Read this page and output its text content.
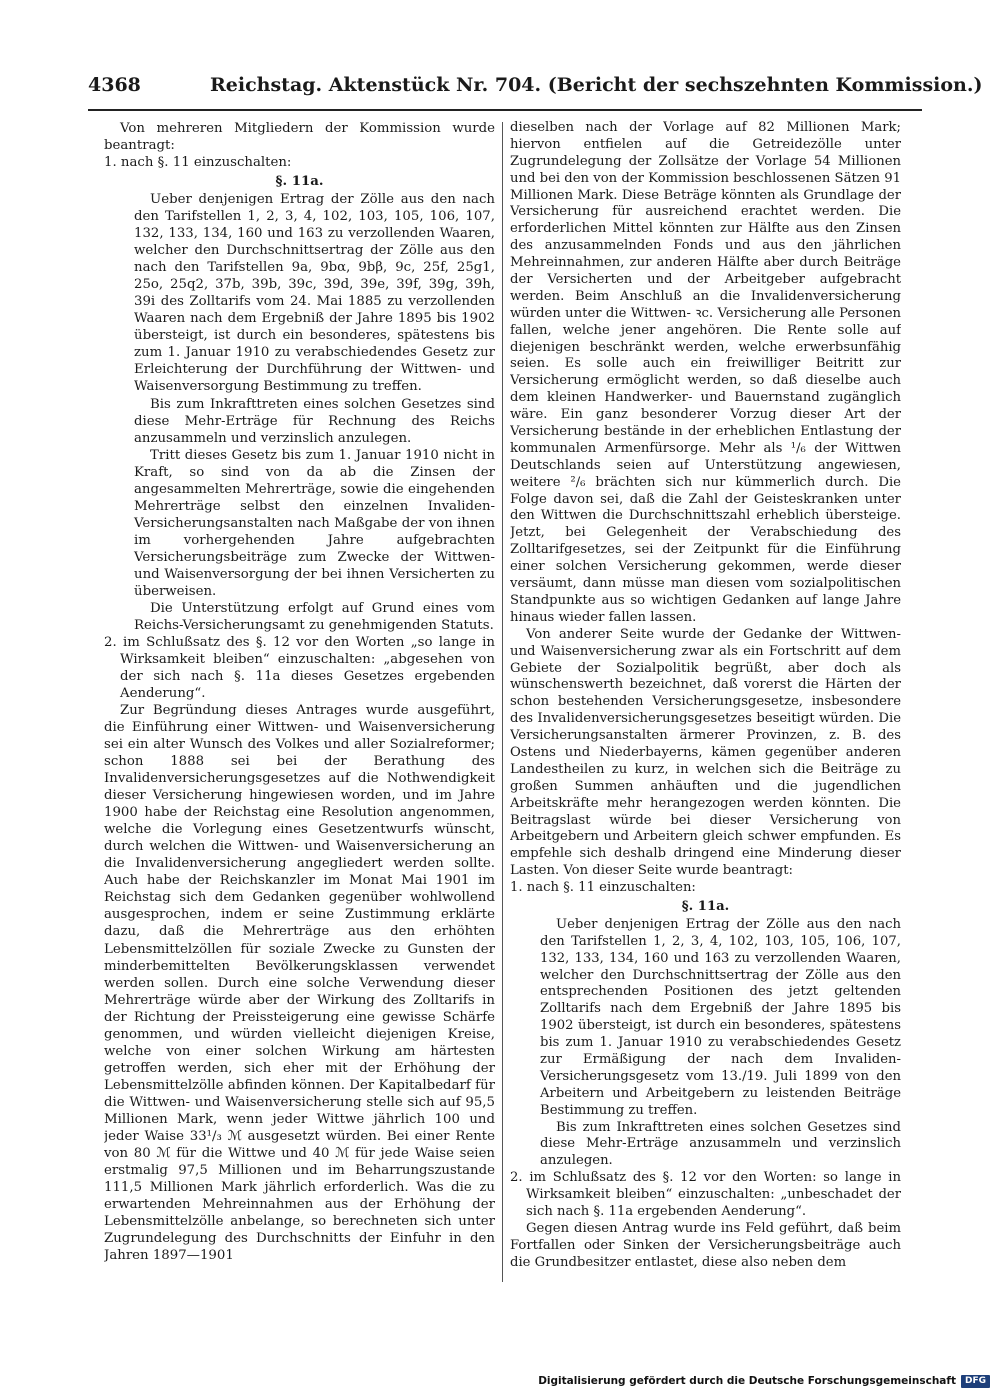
4368	Reichstag. Aktenstück Nr. 704. (Bericht der sechszehnten Kommission.)

Von mehreren Mitgliedern der Kommission wurde beantragt:

1. nach §. 11 einzuschalten:

§. 11a.

Ueber denjenigen Ertrag der Zölle aus den nach den Tarifstellen 1, 2, 3, 4, 102, 103, 105, 106, 107, 132, 133, 134, 160 und 163 zu verzollenden Waaren, welcher den Durchschnittsertrag der Zölle aus den nach den Tarifstellen 9a, 9bα, 9bβ, 9c, 25f, 25g1, 25o, 25q2, 37b, 39b, 39c, 39d, 39e, 39f, 39g, 39h, 39i des Zolltarifs vom 24. Mai 1885 zu verzollenden Waaren nach dem Ergebniß der Jahre 1895 bis 1902 übersteigt, ist durch ein besonderes, spätestens bis zum 1. Januar 1910 zu verabschiedendes Gesetz zur Erleichterung der Durchführung der Wittwen- und Waisenversorgung Bestimmung zu treffen.

Bis zum Inkrafttreten eines solchen Gesetzes sind diese Mehr-Erträge für Rechnung des Reichs anzusammeln und verzinslich anzulegen.

Tritt dieses Gesetz bis zum 1. Januar 1910 nicht in Kraft, so sind von da ab die Zinsen der angesammelten Mehrerträge, sowie die eingehenden Mehrerträge selbst den einzelnen Invaliden-Versicherungsanstalten nach Maßgabe der von ihnen im vorhergehenden Jahre aufgebrachten Versicherungsbeiträge zum Zwecke der Wittwen- und Waisenversorgung der bei ihnen Versicherten zu überweisen.

Die Unterstützung erfolgt auf Grund eines vom Reichs-Versicherungsamt zu genehmigenden Statuts.

2. im Schlußsatz des §. 12 vor den Worten „so lange in Wirksamkeit bleiben“ einzuschalten: „abgesehen von der sich nach §. 11a dieses Gesetzes ergebenden Aenderung“.

Zur Begründung dieses Antrages wurde ausgeführt, die Einführung einer Wittwen- und Waisenversicherung sei ein alter Wunsch des Volkes und aller Sozialreformer; schon 1888 sei bei der Berathung des Invalidenversicherungsgesetzes auf die Nothwendigkeit dieser Versicherung hingewiesen worden, und im Jahre 1900 habe der Reichstag eine Resolution angenommen, welche die Vorlegung eines Gesetzentwurfs wünscht, durch welchen die Wittwen- und Waisenversicherung an die Invalidenversicherung angegliedert werden sollte. Auch habe der Reichskanzler im Monat Mai 1901 im Reichstag sich dem Gedanken gegenüber wohlwollend ausgesprochen, indem er seine Zustimmung erklärte dazu, daß die Mehrerträge aus den erhöhten Lebensmittelzöllen für soziale Zwecke zu Gunsten der minderbemittelten Bevölkerungsklassen verwendet werden sollen. Durch eine solche Verwendung dieser Mehrerträge würde aber der Wirkung des Zolltarifs in der Richtung der Preissteigerung eine gewisse Schärfe genommen, und würden vielleicht diejenigen Kreise, welche von einer solchen Wirkung am härtesten getroffen werden, sich eher mit der Erhöhung der Lebensmittelzölle abfinden können. Der Kapitalbedarf für die Wittwen- und Waisenversicherung stelle sich auf 95,5 Millionen Mark, wenn jeder Wittwe jährlich 100 und jeder Waise 33¹/₃ ℳ ausgesetzt würden. Bei einer Rente von 80 ℳ für die Wittwe und 40 ℳ für jede Waise seien erstmalig 97,5 Millionen und im Beharrungszustande 111,5 Millionen Mark jährlich erforderlich. Was die zu erwartenden Mehreinnahmen aus der Erhöhung der Lebensmittelzölle anbelange, so berechneten sich unter Zugrundelegung des Durchschnitts der Einfuhr in den Jahren 1897—1901

dieselben nach der Vorlage auf 82 Millionen Mark; hiervon entfielen auf die Getreidezölle unter Zugrundelegung der Zollsätze der Vorlage 54 Millionen und bei den von der Kommission beschlossenen Sätzen 91 Millionen Mark. Diese Beträge könnten als Grundlage der Versicherung für ausreichend erachtet werden. Die erforderlichen Mittel könnten zur Hälfte aus den Zinsen des anzusammelnden Fonds und aus den jährlichen Mehreinnahmen, zur anderen Hälfte aber durch Beiträge der Versicherten und der Arbeitgeber aufgebracht werden. Beim Anschluß an die Invalidenversicherung würden unter die Wittwen- ꝛc. Versicherung alle Personen fallen, welche jener angehören. Die Rente solle auf diejenigen beschränkt werden, welche erwerbsunfähig seien. Es solle auch ein freiwilliger Beitritt zur Versicherung ermöglicht werden, so daß dieselbe auch dem kleinen Handwerker- und Bauernstand zugänglich wäre. Ein ganz besonderer Vorzug dieser Art der Versicherung bestände in der erheblichen Entlastung der kommunalen Armenfürsorge. Mehr als ¹/₆ der Wittwen Deutschlands seien auf Unterstützung angewiesen, weitere ²/₆ brächten sich nur kümmerlich durch. Die Folge davon sei, daß die Zahl der Geisteskranken unter den Wittwen die Durchschnittszahl erheblich übersteige. Jetzt, bei Gelegenheit der Verabschiedung des Zolltarifgesetzes, sei der Zeitpunkt für die Einführung einer solchen Versicherung gekommen, werde dieser versäumt, dann müsse man diesen vom sozialpolitischen Standpunkte aus so wichtigen Gedanken auf lange Jahre hinaus wieder fallen lassen.

Von anderer Seite wurde der Gedanke der Wittwen- und Waisenversicherung zwar als ein Fortschritt auf dem Gebiete der Sozialpolitik begrüßt, aber doch als wünschenswerth bezeichnet, daß vorerst die Härten der schon bestehenden Versicherungsgesetze, insbesondere des Invalidenversicherungsgesetzes beseitigt würden. Die Versicherungsanstalten ärmerer Provinzen, z. B. des Ostens und Niederbayerns, kämen gegenüber anderen Landestheilen zu kurz, in welchen sich die Beiträge zu großen Summen anhäuften und die jugendlichen Arbeitskräfte mehr herangezogen werden könnten. Die Beitragslast würde bei dieser Versicherung von Arbeitgebern und Arbeitern gleich schwer empfunden. Es empfehle sich deshalb dringend eine Minderung dieser Lasten. Von dieser Seite wurde beantragt:

1. nach §. 11 einzuschalten:

§. 11a.

Ueber denjenigen Ertrag der Zölle aus den nach den Tarifstellen 1, 2, 3, 4, 102, 103, 105, 106, 107, 132, 133, 134, 160 und 163 zu verzollenden Waaren, welcher den Durchschnittsertrag der Zölle aus den entsprechenden Positionen des jetzt geltenden Zolltarifs nach dem Ergebniß der Jahre 1895 bis 1902 übersteigt, ist durch ein besonderes, spätestens bis zum 1. Januar 1910 zu verabschiedendes Gesetz zur Ermäßigung der nach dem Invaliden-Versicherungsgesetz vom 13./19. Juli 1899 von den Arbeitern und Arbeitgebern zu leistenden Beiträge Bestimmung zu treffen.

Bis zum Inkrafttreten eines solchen Gesetzes sind diese Mehr-Erträge anzusammeln und verzinslich anzulegen.

2. im Schlußsatz des §. 12 vor den Worten: so lange in Wirksamkeit bleiben“ einzuschalten: „unbeschadet der sich nach §. 11a ergebenden Aenderung“.

Gegen diesen Antrag wurde ins Feld geführt, daß beim Fortfallen oder Sinken der Versicherungsbeiträge auch die Grundbesitzer entlastet, diese also neben dem

Digitalisierung gefördert durch die Deutsche Forschungsgemeinschaft	DFG
